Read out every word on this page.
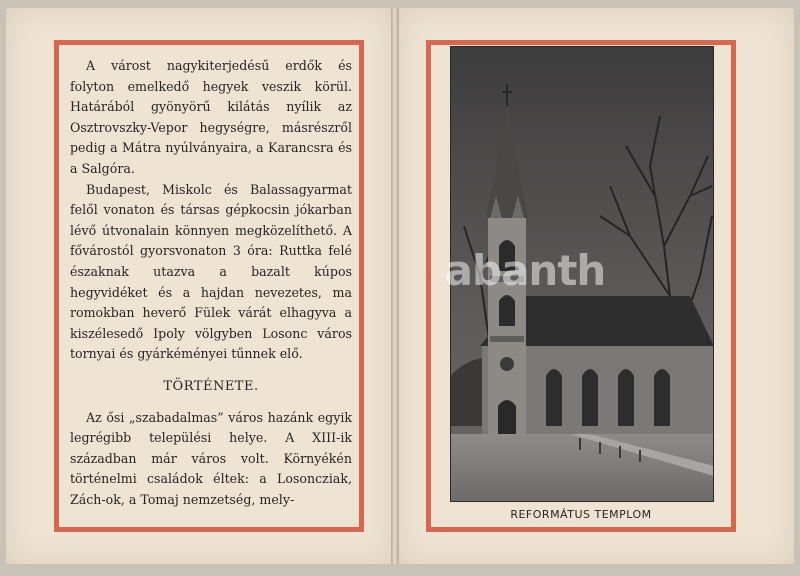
A várost nagykiterjedésű erdők és folyton emelkedő hegyek veszik körül. Határából gyönyörű kilátás nyílik az Osztrovszky-Vepor hegységre, másrészről pedig a Mátra nyúlványaira, a Karancsra és a Salgóra.

Budapest, Miskolc és Balassagyarmat felől vonaton és társas gépkocsin jókarban lévő útvonalain könnyen megközelíthető. A fővárostól gyorsvonaton 3 óra: Ruttka felé északnak utazva a bazalt kúpos hegyvidéket és a hajdan nevezetes, ma romokban heverő Fülek várát elhagyva a kiszélesedő Ipoly völgyben Losonc város tornyai és gyárkéményei tűnnek elő.

TÖRTÉNETE.

Az ősi „szabadalmas” város hazánk egyik legrégibb települési helye. A XIII-ik században már város volt. Környékén történelmi családok éltek: a Losoncziak, Zách-ok, a Tomaj nemzetség, mely-

abanth
REFORMÁTUS TEMPLOM
